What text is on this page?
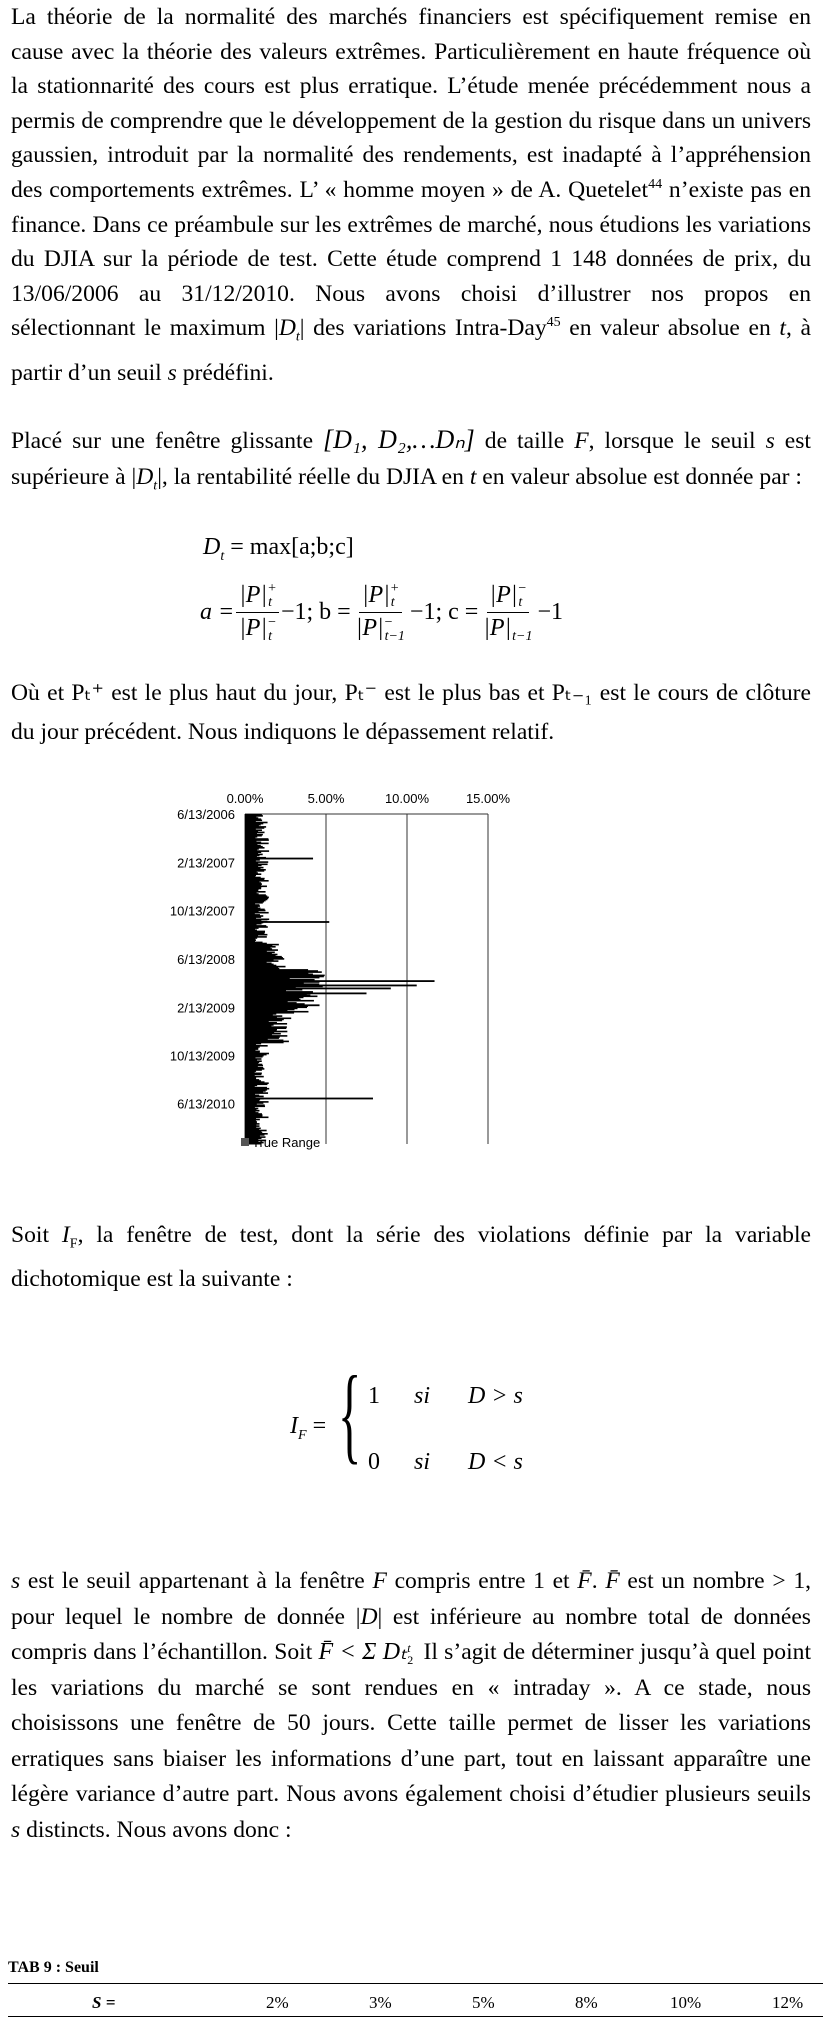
La théorie de la normalité des marchés financiers est spécifiquement remise en cause avec la théorie des valeurs extrêmes. Particulièrement en haute fréquence où la stationnarité des cours est plus erratique. L’étude menée précédemment nous a permis de comprendre que le développement de la gestion du risque dans un univers gaussien, introduit par la normalité des rendements, est inadapté à l’appréhension des comportements extrêmes. L’ « homme moyen » de A. Quetelet$^{44}$ n’existe pas en finance. Dans ce préambule sur les extrêmes de marché, nous étudions les variations du DJIA sur la période de test. Cette étude comprend 1 148 données de prix, du 13/06/2006 au 31/12/2010. Nous avons choisi d’illustrer nos propos en sélectionnant le maximum $|D_t|$ des variations Intra-Day$^{45}$ en valeur absolue en t, à partir d’un seuil s prédéfini.

Placé sur une fenêtre glissante [D₁, D₂,…Dₙ] de taille F, lorsque le seuil s est supérieure à $|D_t|$, la rentabilité réelle du DJIA en t en valeur absolue est donnée par :

$D_t$ = max[a;b;c]
a = |P| +
t
|P| −
t −1; b = |P| +
t
|P| −
t−1 −1; c = |P| −
t
|P|
t−1 −1

Où et Pₜ⁺ est le plus haut du jour, Pₜ⁻ est le plus bas et Pₜ₋₁ est le cours de clôture du jour précédent. Nous indiquons le dépassement relatif.

0.00%	5.00%	10.00%	15.00%
6/13/2006
2/13/2007
10/13/2007
6/13/2008
2/13/2009
10/13/2009
6/13/2010
True Range

Soit $I_F$, la fenêtre de test, dont la série des violations définie par la variable dichotomique est la suivante :

$I_F$ = { 1 si D > s
0 si D < s

s est le seuil appartenant à la fenêtre F compris entre 1 et F̄. F̄ est un nombre > 1, pour lequel le nombre de donnée |D| est inférieure au nombre total de données compris dans l’échantillon. Soit F̄ < Σ Dₜ t
2 Il s’agit de déterminer jusqu’à quel point les variations du marché se sont rendues en « intraday ». A ce stade, nous choisissons une fenêtre de 50 jours. Cette taille permet de lisser les variations erratiques sans biaiser les informations d’une part, tout en laissant apparaître une légère variance d’autre part. Nous avons également choisi d’étudier plusieurs seuils s distincts. Nous avons donc :

TAB 9 : Seuil
S =	2%	3%	5%	8%	10%	12%
